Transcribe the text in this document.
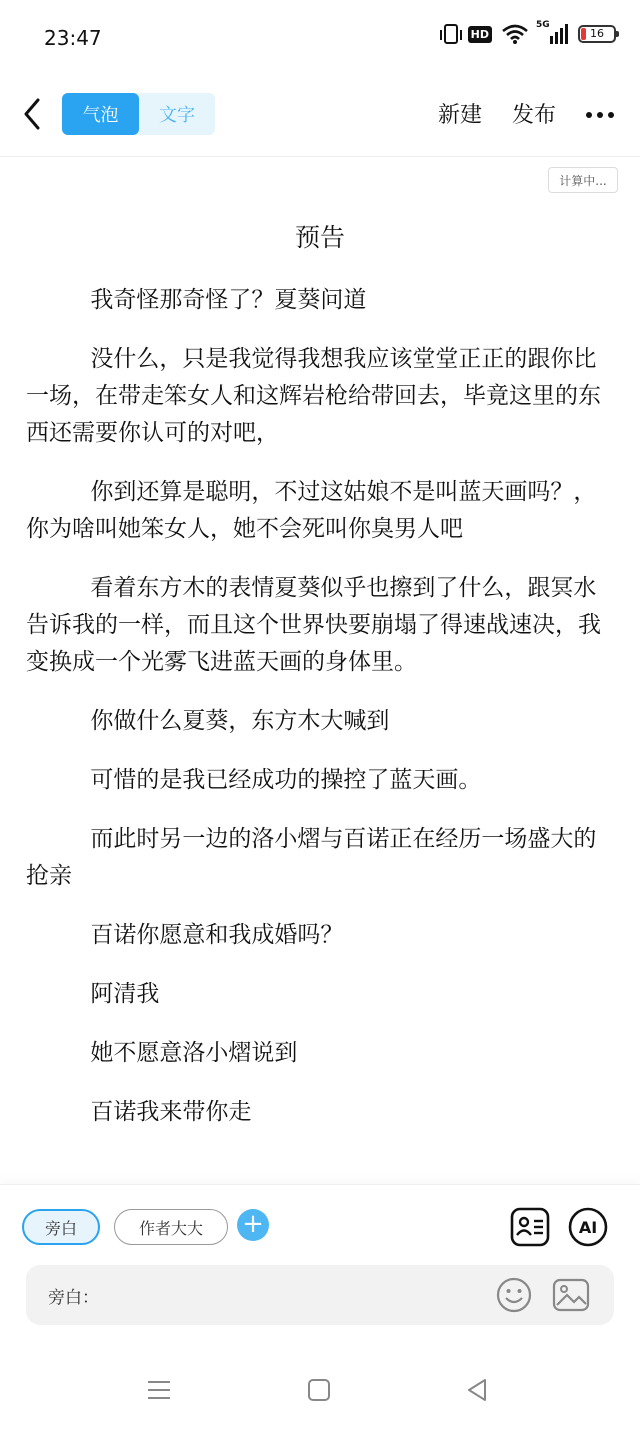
23:47	HD
5G
16
气泡	文字	新建 发布
计算中...
预告

我奇怪那奇怪了？夏葵问道

没什么，只是我觉得我想我应该堂堂正正的跟你比一场，在带走笨女人和这辉岩枪给带回去，毕竟这里的东西还需要你认可的对吧，

你到还算是聪明，不过这姑娘不是叫蓝天画吗？，你为啥叫她笨女人，她不会死叫你臭男人吧

看着东方木的表情夏葵似乎也擦到了什么，跟冥水告诉我的一样，而且这个世界快要崩塌了得速战速决，我变换成一个光雾飞进蓝天画的身体里。

你做什么夏葵，东方木大喊到

可惜的是我已经成功的操控了蓝天画。

而此时另一边的洛小熠与百诺正在经历一场盛大的抢亲

百诺你愿意和我成婚吗？

阿清我

她不愿意洛小熠说到

百诺我来带你走

旁白	作者大大	+	AI
旁白：
